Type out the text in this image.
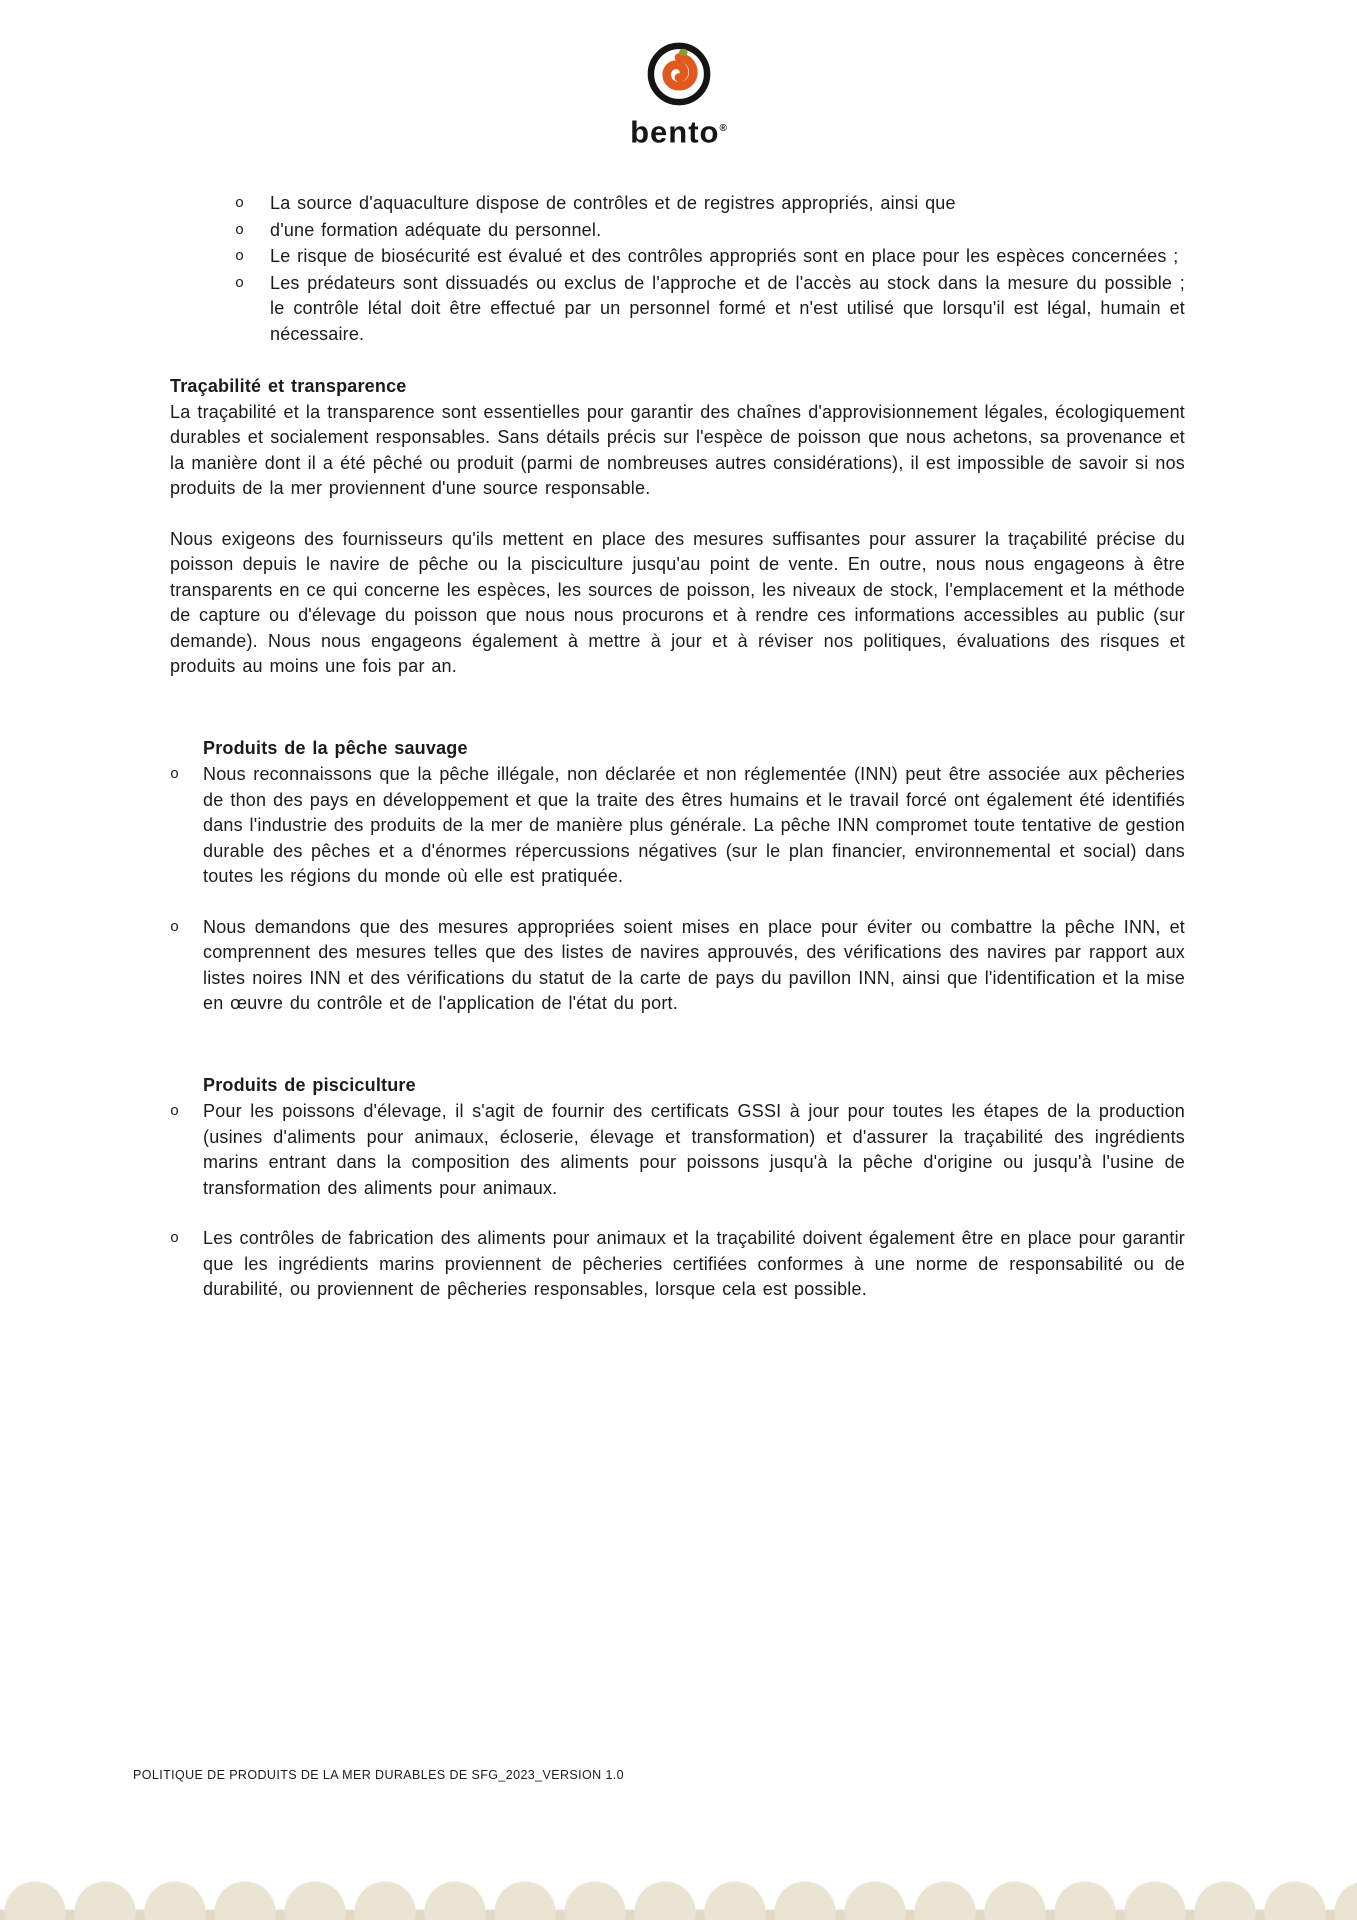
bento®
o	La source d'aquaculture dispose de contrôles et de registres appropriés, ainsi que
o	d'une formation adéquate du personnel.
o	Le risque de biosécurité est évalué et des contrôles appropriés sont en place pour les espèces concernées ;
o	Les prédateurs sont dissuadés ou exclus de l'approche et de l'accès au stock dans la mesure du possible ; le contrôle létal doit être effectué par un personnel formé et n'est utilisé que lorsqu'il est légal, humain et nécessaire.
Traçabilité et transparence

La traçabilité et la transparence sont essentielles pour garantir des chaînes d'approvisionnement légales, écologiquement durables et socialement responsables. Sans détails précis sur l'espèce de poisson que nous achetons, sa provenance et la manière dont il a été pêché ou produit (parmi de nombreuses autres considérations), il est impossible de savoir si nos produits de la mer proviennent d'une source responsable.

Nous exigeons des fournisseurs qu'ils mettent en place des mesures suffisantes pour assurer la traçabilité précise du poisson depuis le navire de pêche ou la pisciculture jusqu'au point de vente. En outre, nous nous engageons à être transparents en ce qui concerne les espèces, les sources de poisson, les niveaux de stock, l'emplacement et la méthode de capture ou d'élevage du poisson que nous nous procurons et à rendre ces informations accessibles au public (sur demande). Nous nous engageons également à mettre à jour et à réviser nos politiques, évaluations des risques et produits au moins une fois par an.

Produits de la pêche sauvage
o	Nous reconnaissons que la pêche illégale, non déclarée et non réglementée (INN) peut être associée aux pêcheries de thon des pays en développement et que la traite des êtres humains et le travail forcé ont également été identifiés dans l'industrie des produits de la mer de manière plus générale. La pêche INN compromet toute tentative de gestion durable des pêches et a d'énormes répercussions négatives (sur le plan financier, environnemental et social) dans toutes les régions du monde où elle est pratiquée.
o	Nous demandons que des mesures appropriées soient mises en place pour éviter ou combattre la pêche INN, et comprennent des mesures telles que des listes de navires approuvés, des vérifications des navires par rapport aux listes noires INN et des vérifications du statut de la carte de pays du pavillon INN, ainsi que l'identification et la mise en œuvre du contrôle et de l'application de l'état du port.
Produits de pisciculture
o	Pour les poissons d'élevage, il s'agit de fournir des certificats GSSI à jour pour toutes les étapes de la production (usines d'aliments pour animaux, écloserie, élevage et transformation) et d'assurer la traçabilité des ingrédients marins entrant dans la composition des aliments pour poissons jusqu'à la pêche d'origine ou jusqu'à l'usine de transformation des aliments pour animaux.
o	Les contrôles de fabrication des aliments pour animaux et la traçabilité doivent également être en place pour garantir que les ingrédients marins proviennent de pêcheries certifiées conformes à une norme de responsabilité ou de durabilité, ou proviennent de pêcheries responsables, lorsque cela est possible.
POLITIQUE DE PRODUITS DE LA MER DURABLES DE SFG_2023_VERSION 1.0
